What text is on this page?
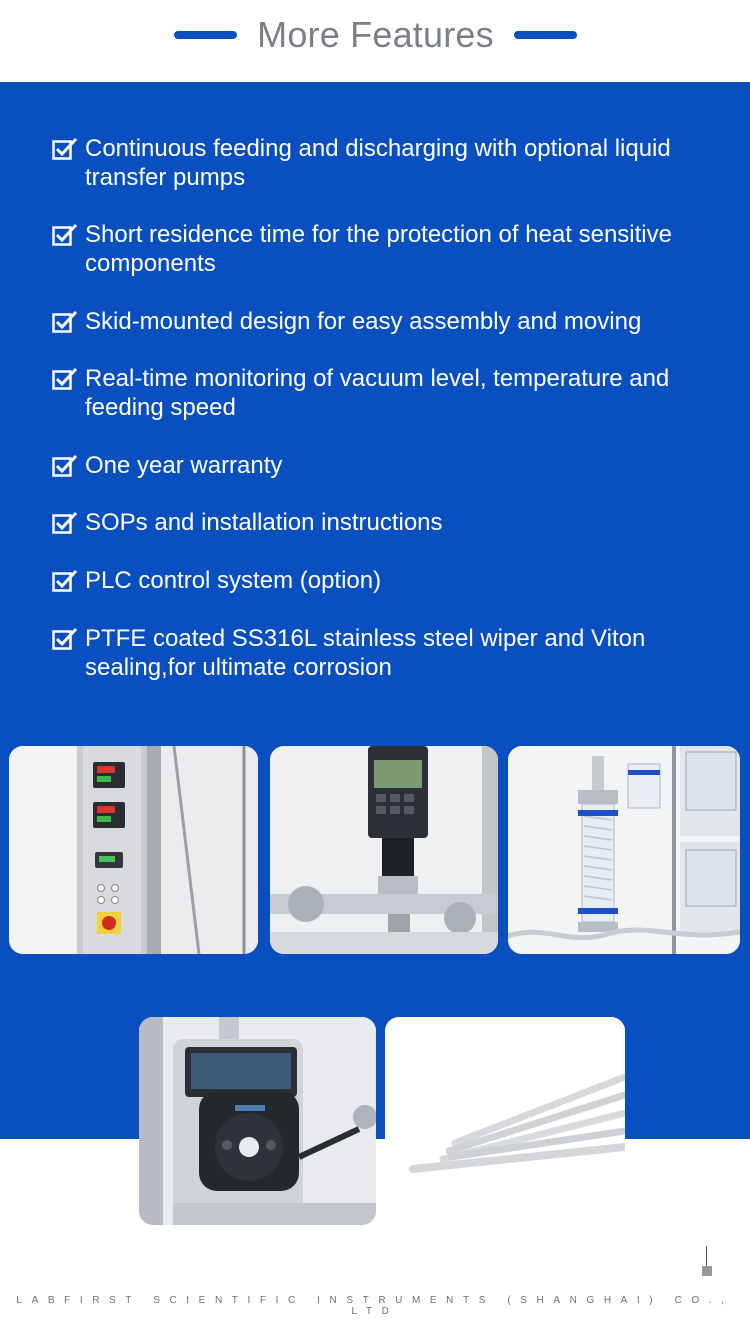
More Features
Continuous feeding and discharging with optional liquid transfer pumps
Short residence time for the protection of heat sensitive components
Skid-mounted design for easy assembly and moving
Real-time monitoring of vacuum level, temperature and feeding speed
One year warranty
SOPs and installation instructions
PLC control system (option)
PTFE coated SS316L stainless steel wiper and Viton sealing,for ultimate corrosion
LABFIRST SCIENTIFIC INSTRUMENTS (SHANGHAI) CO., LTD
